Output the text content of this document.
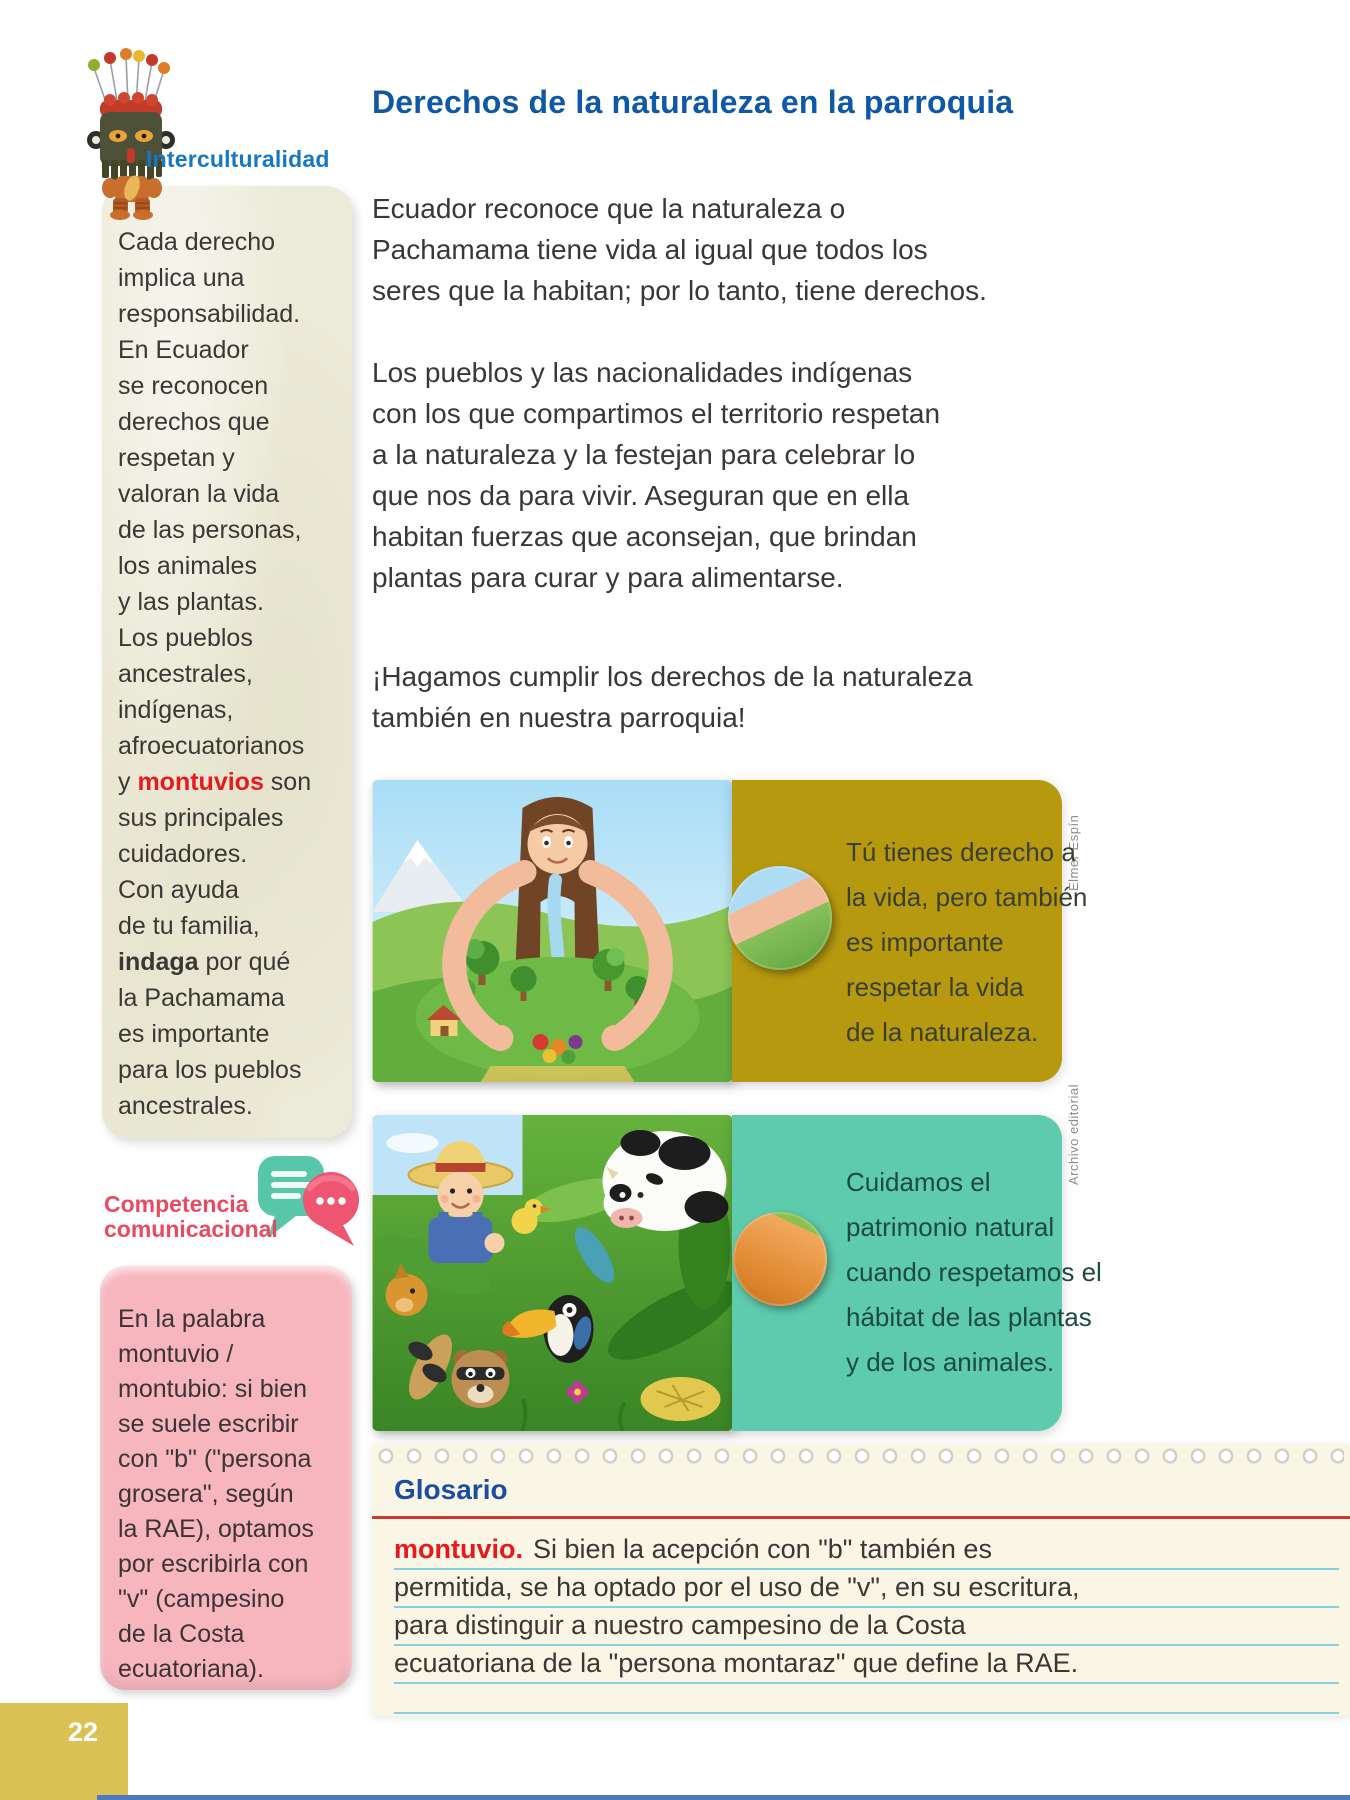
Interculturalidad
Cada derecho
implica una
responsabilidad.
En Ecuador
se reconocen
derechos que
respetan y
valoran la vida
de las personas,
los animales
y las plantas.
Los pueblos
ancestrales,
indígenas,
afroecuatorianos
y montuvios son
sus principales
cuidadores.
Con ayuda
de tu familia,
indaga por qué
la Pachamama
es importante
para los pueblos
ancestrales.
Derechos de la naturaleza en la parroquia
Ecuador reconoce que la naturaleza o
Pachamama tiene vida al igual que todos los
seres que la habitan; por lo tanto, tiene derechos.
Los pueblos y las nacionalidades indígenas
con los que compartimos el territorio respetan
a la naturaleza y la festejan para celebrar lo
que nos da para vivir. Aseguran que en ella
habitan fuerzas que aconsejan, que brindan
plantas para curar y para alimentarse.
¡Hagamos cumplir los derechos de la naturaleza
también en nuestra parroquia!
Tú tienes derecho a
la vida, pero también
es importante
respetar la vida
de la naturaleza.
Elmer Espín
Cuidamos el
patrimonio natural
cuando respetamos el
hábitat de las plantas
y de los animales.
Archivo editorial
Competencia
comunicacional
En la palabra
montuvio /
montubio: si bien
se suele escribir
con "b" ("persona
grosera", según
la RAE), optamos
por escribirla con
"v" (campesino
de la Costa
ecuatoriana).
Glosario
montuvio. Si bien la acepción con "b" también es
permitida, se ha optado por el uso de "v", en su escritura,
para distinguir a nuestro campesino de la Costa
ecuatoriana de la "persona montaraz" que define la RAE.
22
